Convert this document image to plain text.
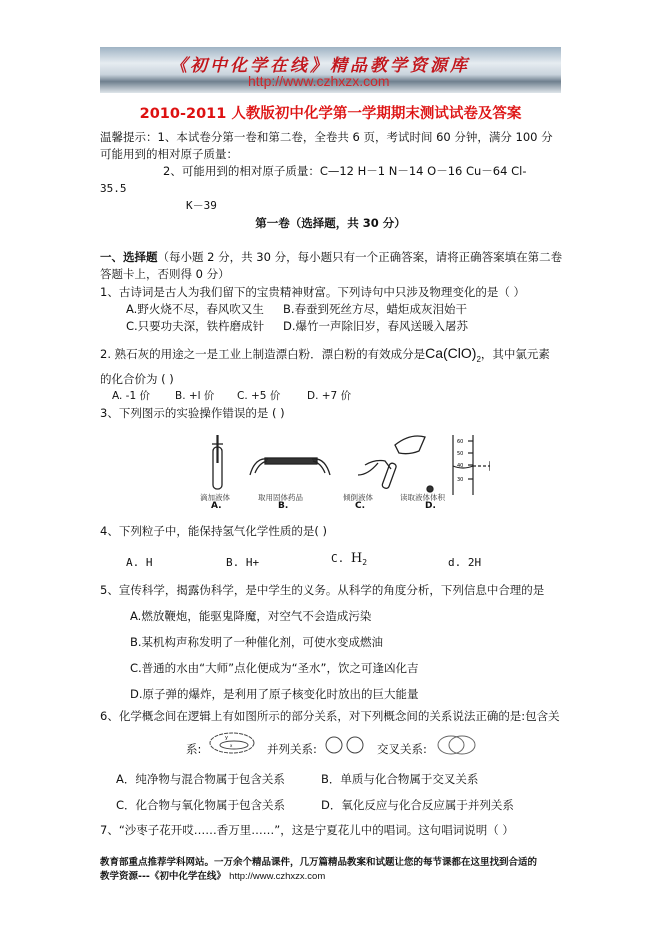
《初中化学在线》精品教学资源库
http://www.czhxzx.com
2010-2011 人教版初中化学第一学期期末测试试卷及答案
温馨提示：1、本试卷分第一卷和第二卷，全卷共 6 页，考试时间 60 分钟，满分 100 分
可能用到的相对原子质量：
2、可能用到的相对原子质量：C—12 H－1 N－14 O－16 Cu－64 Cl-
35.5
K－39
第一卷（选择题，共 30 分）
一、选择题（每小题 2 分，共 30 分，每小题只有一个正确答案，请将正确答案填在第二卷
答题卡上，否则得 0 分）
1、古诗词是古人为我们留下的宝贵精神财富。下列诗句中只涉及物理变化的是（ ）
A.野火烧不尽，春风吹又生 B.春蚕到死丝方尽，蜡炬成灰泪始干
C.只要功夫深，铁杵磨成针 D.爆竹一声除旧岁，春风送暖入屠苏
2. 熟石灰的用途之一是工业上制造漂白粉．漂白粉的有效成分是$Ca(ClO)_2$，其中氯元素
的化合价为 ( )
A. -1 价 B. +l 价 C. +5 价	D. +7 价
3、下列图示的实验操作错误的是 ( )
60
50
40
30
滴加液体
A.
取用固体药品
B.
倾倒液体
C.
读取液体体积
D.
4、下列粒子中，能保持氢气化学性质的是( )
A. H	B. H+	C. $H_2$	d. 2H
5、宣传科学，揭露伪科学，是中学生的义务。从科学的角度分析，下列信息中合理的是
A.燃放鞭炮，能驱鬼降魔，对空气不会造成污染
B.某机构声称发明了一种催化剂，可使水变成燃油
C.普通的水由“大师”点化便成为“圣水”，饮之可逢凶化吉
D.原子弹的爆炸，是利用了原子核变化时放出的巨大能量
6、化学概念间在逻辑上有如图所示的部分关系，对下列概念间的关系说法正确的是:包含关
系:
y
x	并列关系:	交叉关系:
A．纯净物与混合物属于包含关系	B．单质与化合物属于交叉关系
C．化合物与氧化物属于包含关系	D．氧化反应与化合反应属于并列关系
7、“沙枣子花开哎……香万里……”，这是宁夏花儿中的唱词。这句唱词说明（ ）
教育部重点推荐学科网站。一万余个精品课件，几万篇精品教案和试题让您的每节课都在这里找到合适的
教学资源---《初中化学在线》 http://www.czhxzx.com
